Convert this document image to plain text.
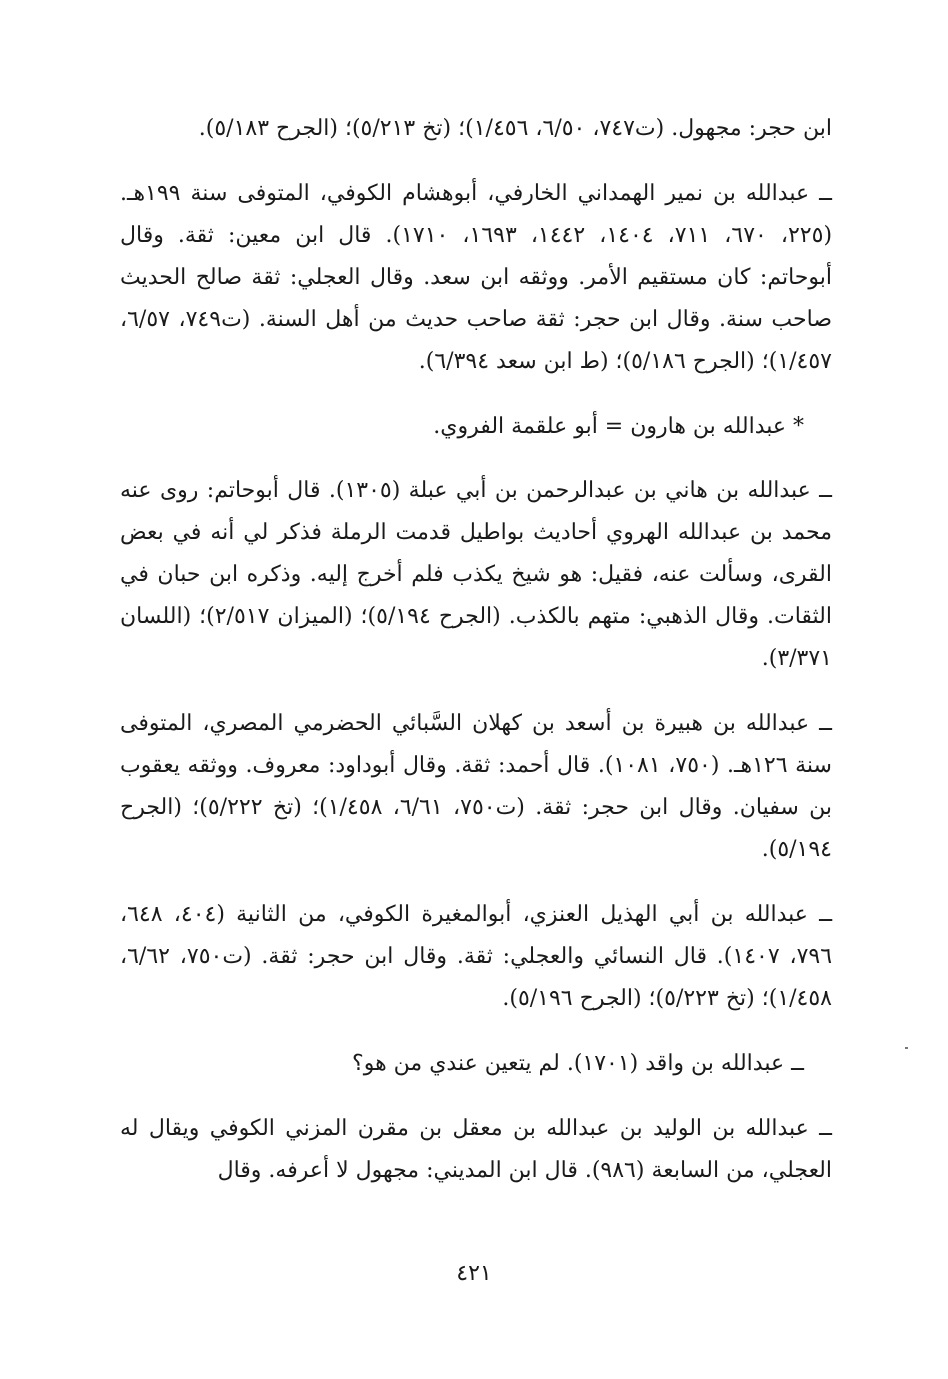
ابن حجر: مجهول. (ت٧٤٧، ٦/٥٠، ١/٤٥٦)؛ (تخ ٥/٢١٣)؛ (الجرح ٥/١٨٣).

ــ عبدالله بن نمير الهمداني الخارفي، أبوهشام الكوفي، المتوفى سنة ١٩٩هـ. (٢٢٥، ٦٧٠، ٧١١، ١٤٠٤، ١٤٤٢، ١٦٩٣، ١٧١٠). قال ابن معين: ثقة. وقال أبوحاتم: كان مستقيم الأمر. ووثقه ابن سعد. وقال العجلي: ثقة صالح الحديث صاحب سنة. وقال ابن حجر: ثقة صاحب حديث من أهل السنة. (ت٧٤٩، ٦/٥٧، ١/٤٥٧)؛ (الجرح ٥/١٨٦)؛ (ط ابن سعد ٦/٣٩٤).

* عبدالله بن هارون = أبو علقمة الفروي.

ــ عبدالله بن هاني بن عبدالرحمن بن أبي عبلة (١٣٠٥). قال أبوحاتم: روى عنه محمد بن عبدالله الهروي أحاديث بواطيل قدمت الرملة فذكر لي أنه في بعض القرى، وسألت عنه، فقيل: هو شيخ يكذب فلم أخرج إليه. وذكره ابن حبان في الثقات. وقال الذهبي: متهم بالكذب. (الجرح ٥/١٩٤)؛ (الميزان ٢/٥١٧)؛ (اللسان ٣/٣٧١).

ــ عبدالله بن هبيرة بن أسعد بن كهلان السَّبائي الحضرمي المصري، المتوفى سنة ١٢٦هـ. (٧٥٠، ١٠٨١). قال أحمد: ثقة. وقال أبوداود: معروف. ووثقه يعقوب بن سفيان. وقال ابن حجر: ثقة. (ت٧٥٠، ٦/٦١، ١/٤٥٨)؛ (تخ ٥/٢٢٢)؛ (الجرح ٥/١٩٤).

ــ عبدالله بن أبي الهذيل العنزي، أبوالمغيرة الكوفي، من الثانية (٤٠٤، ٦٤٨، ٧٩٦، ١٤٠٧). قال النسائي والعجلي: ثقة. وقال ابن حجر: ثقة. (ت٧٥٠، ٦/٦٢، ١/٤٥٨)؛ (تخ ٥/٢٢٣)؛ (الجرح ٥/١٩٦).

ــ عبدالله بن واقد (١٧٠١). لم يتعين عندي من هو؟

ــ عبدالله بن الوليد بن عبدالله بن معقل بن مقرن المزني الكوفي ويقال له العجلي، من السابعة (٩٨٦). قال ابن المديني: مجهول لا أعرفه. وقال

٤٢١
